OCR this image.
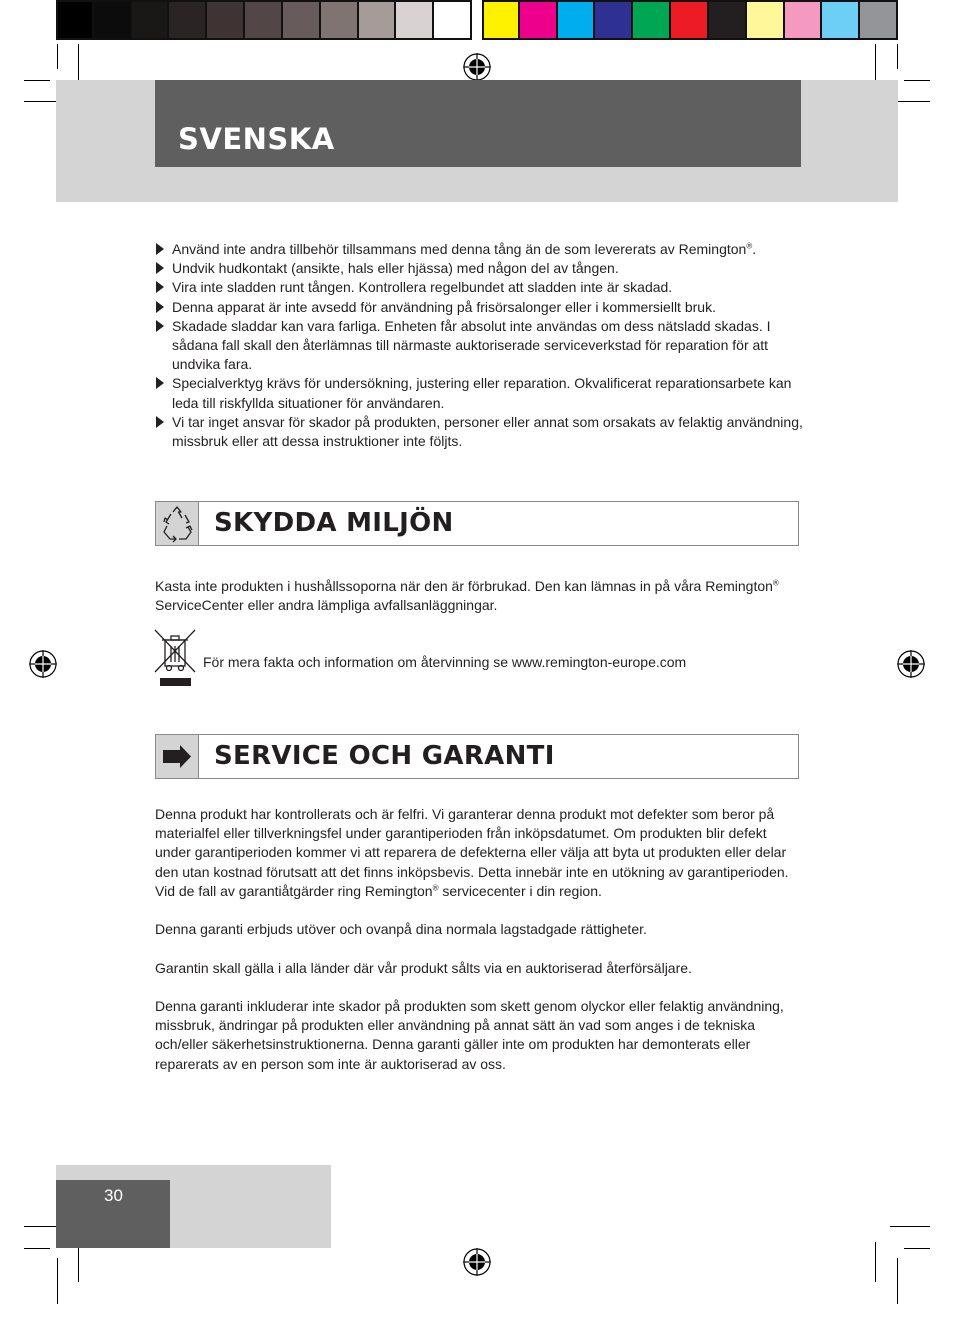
SVENSKA
Använd inte andra tillbehör tillsammans med denna tång än de som levererats av Remington®.
Undvik hudkontakt (ansikte, hals eller hjässa) med någon del av tången.
Vira inte sladden runt tången. Kontrollera regelbundet att sladden inte är skadad.
Denna apparat är inte avsedd för användning på frisörsalonger eller i kommersiellt bruk.
Skadade sladdar kan vara farliga. Enheten får absolut inte användas om dess nätsladd skadas. I sådana fall skall den återlämnas till närmaste auktoriserade serviceverkstad för reparation för att undvika fara.
Specialverktyg krävs för undersökning, justering eller reparation. Okvalificerat reparationsarbete kan leda till riskfyllda situationer för användaren.
Vi tar inget ansvar för skador på produkten, personer eller annat som orsakats av felaktig användning, missbruk eller att dessa instruktioner inte följts.
SKYDDA MILJÖN
Kasta inte produkten i hushållssoporna när den är förbrukad. Den kan lämnas in på våra Remington® ServiceCenter eller andra lämpliga avfallsanläggningar.
För mera fakta och information om återvinning se www.remington-europe.com
SERVICE OCH GARANTI
Denna produkt har kontrollerats och är felfri. Vi garanterar denna produkt mot defekter som beror på materialfel eller tillverkningsfel under garantiperioden från inköpsdatumet. Om produkten blir defekt under garantiperioden kommer vi att reparera de defekterna eller välja att byta ut produkten eller delar den utan kostnad förutsatt att det finns inköpsbevis. Detta innebär inte en utökning av garantiperioden.
Vid de fall av garantiåtgärder ring Remington® servicecenter i din region.
Denna garanti erbjuds utöver och ovanpå dina normala lagstadgade rättigheter.
Garantin skall gälla i alla länder där vår produkt sålts via en auktoriserad återförsäljare.
Denna garanti inkluderar inte skador på produkten som skett genom olyckor eller felaktig användning, missbruk, ändringar på produkten eller användning på annat sätt än vad som anges i de tekniska och/eller säkerhetsinstruktionerna. Denna garanti gäller inte om produkten har demonterats eller reparerats av en person som inte är auktoriserad av oss.
30
